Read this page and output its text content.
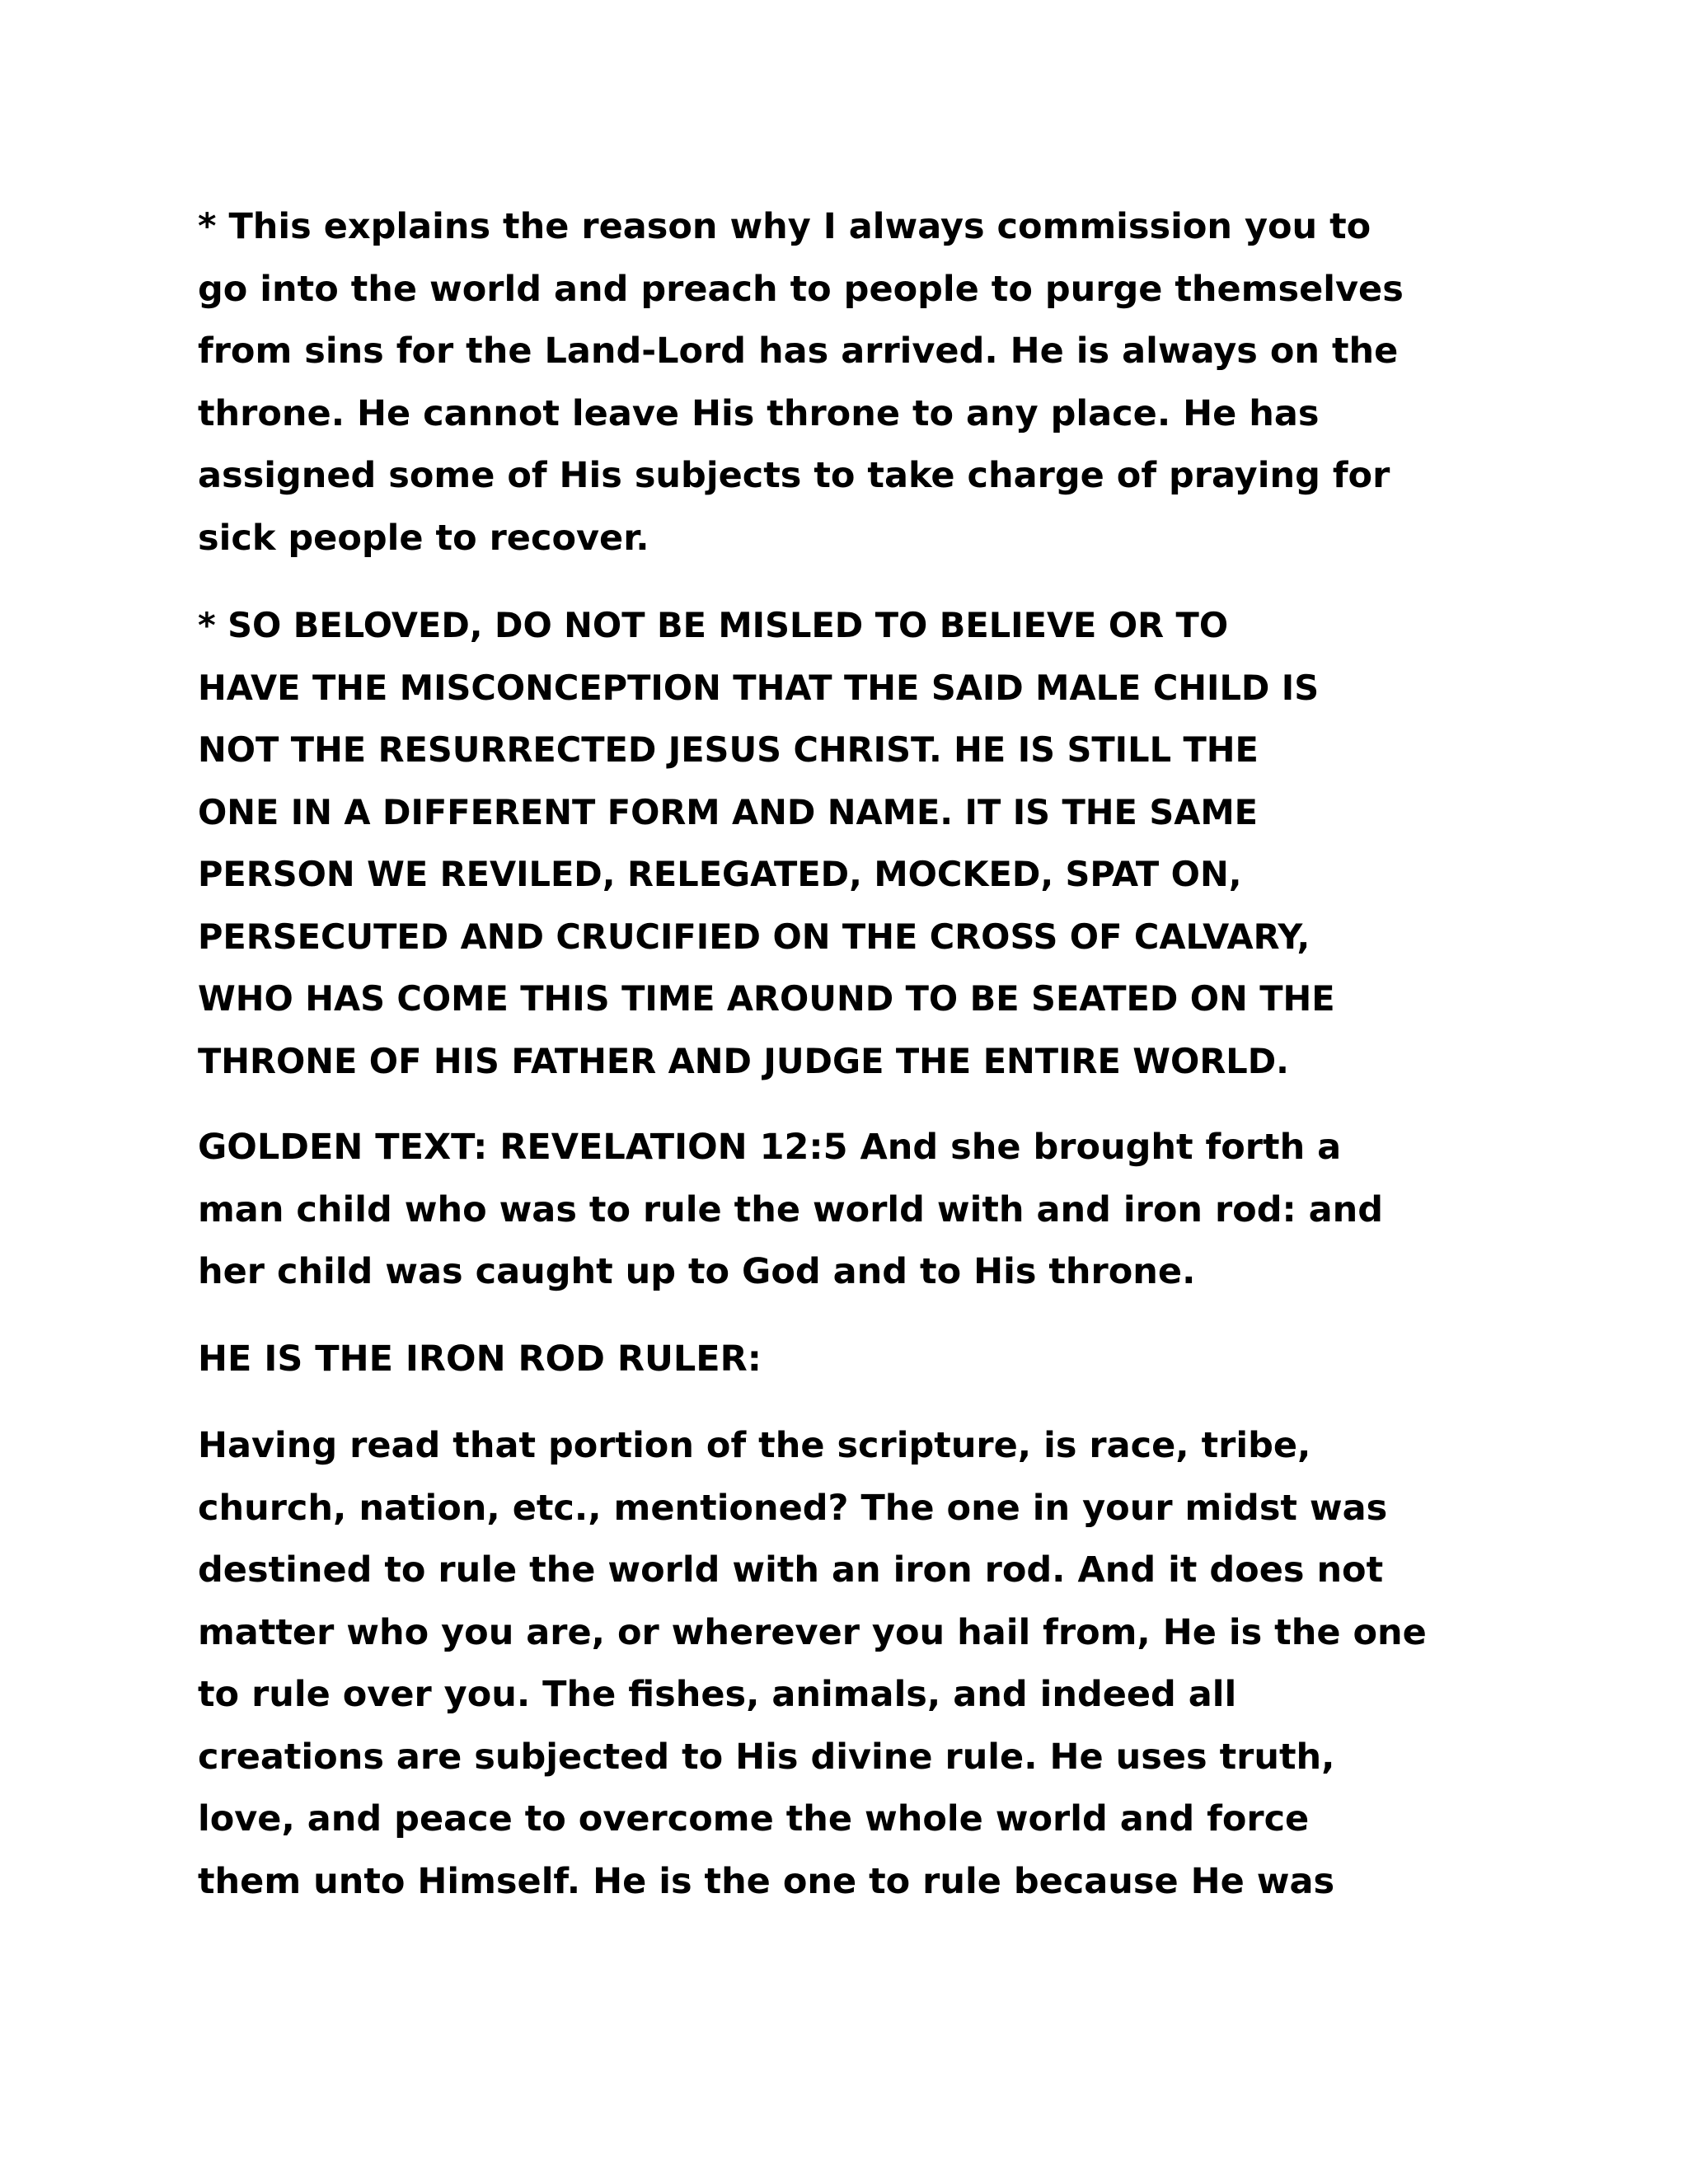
* This explains the reason why I always commission you to
go into the world and preach to people to purge themselves
from sins for the Land-Lord has arrived. He is always on the
throne. He cannot leave His throne to any place. He has
assigned some of His subjects to take charge of praying for
sick people to recover.

* SO BELOVED, DO NOT BE MISLED TO BELIEVE OR TO
HAVE THE MISCONCEPTION THAT THE SAID MALE CHILD IS
NOT THE RESURRECTED JESUS CHRIST. HE IS STILL THE
ONE IN A DIFFERENT FORM AND NAME. IT IS THE SAME
PERSON WE REVILED, RELEGATED, MOCKED, SPAT ON,
PERSECUTED AND CRUCIFIED ON THE CROSS OF CALVARY,
WHO HAS COME THIS TIME AROUND TO BE SEATED ON THE
THRONE OF HIS FATHER AND JUDGE THE ENTIRE WORLD.

GOLDEN TEXT: REVELATION 12:5 And she brought forth a
man child who was to rule the world with and iron rod: and
her child was caught up to God and to His throne.

HE IS THE IRON ROD RULER:

Having read that portion of the scripture, is race, tribe,
church, nation, etc., mentioned? The one in your midst was
destined to rule the world with an iron rod. And it does not
matter who you are, or wherever you hail from, He is the one
to rule over you. The fishes, animals, and indeed all
creations are subjected to His divine rule. He uses truth,
love, and peace to overcome the whole world and force
them unto Himself. He is the one to rule because He was
